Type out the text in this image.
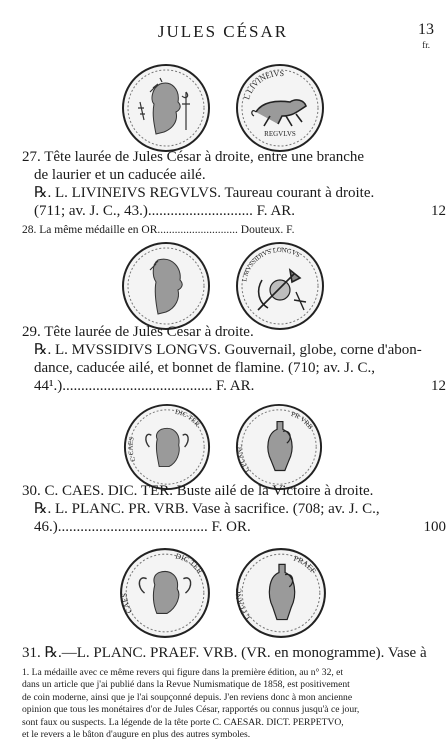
JULES CÉSAR	13
fr.
L LIVINEIVS
REGVLVS
27. Tête laurée de Jules César à droite, entre une branche
de laurier et un caducée ailé.
℞. L. LIVINEIVS REGVLVS. Taureau courant à droite.
(711; av. J. C., 43.)............................ F. AR.	12
28. La même médaille en OR............................ Douteux. F.
L MVSSIDIVS LONGVS
29. Tête laurée de Jules César à droite.
℞. L. MVSSIDIVS LONGVS. Gouvernail, globe, corne d'abon-
dance, caducée ailé, et bonnet de flamine. (710; av. J. C.,
44¹.)........................................ F. AR.	12
C CAES
DIC TER
L PLANC
PR VRB
30. C. CAES. DIC. TER. Buste ailé de la Victoire à droite.
℞. L. PLANC. PR. VRB. Vase à sacrifice. (708; av. J. C.,
46.)........................................ F. OR.	100
CAES
DIC TER
L PLANC
PRAEF
31. ℞.—L. PLANC. PRAEF. VRB. (VR. en monogramme). Vase à
1. La médaille avec ce même revers qui figure dans la première édition, au n° 32, et
dans un article que j'ai publié dans la Revue Numismatique de 1858, est positivement
de coin moderne, ainsi que je l'ai soupçonné depuis. J'en reviens donc à mon ancienne
opinion que tous les monétaires d'or de Jules César, rapportés ou connus jusqu'à ce jour,
sont faux ou suspects. La légende de la tête porte C. CAESAR. DICT. PERPETVO,
et le revers a le bâton d'augure en plus des autres symboles.
